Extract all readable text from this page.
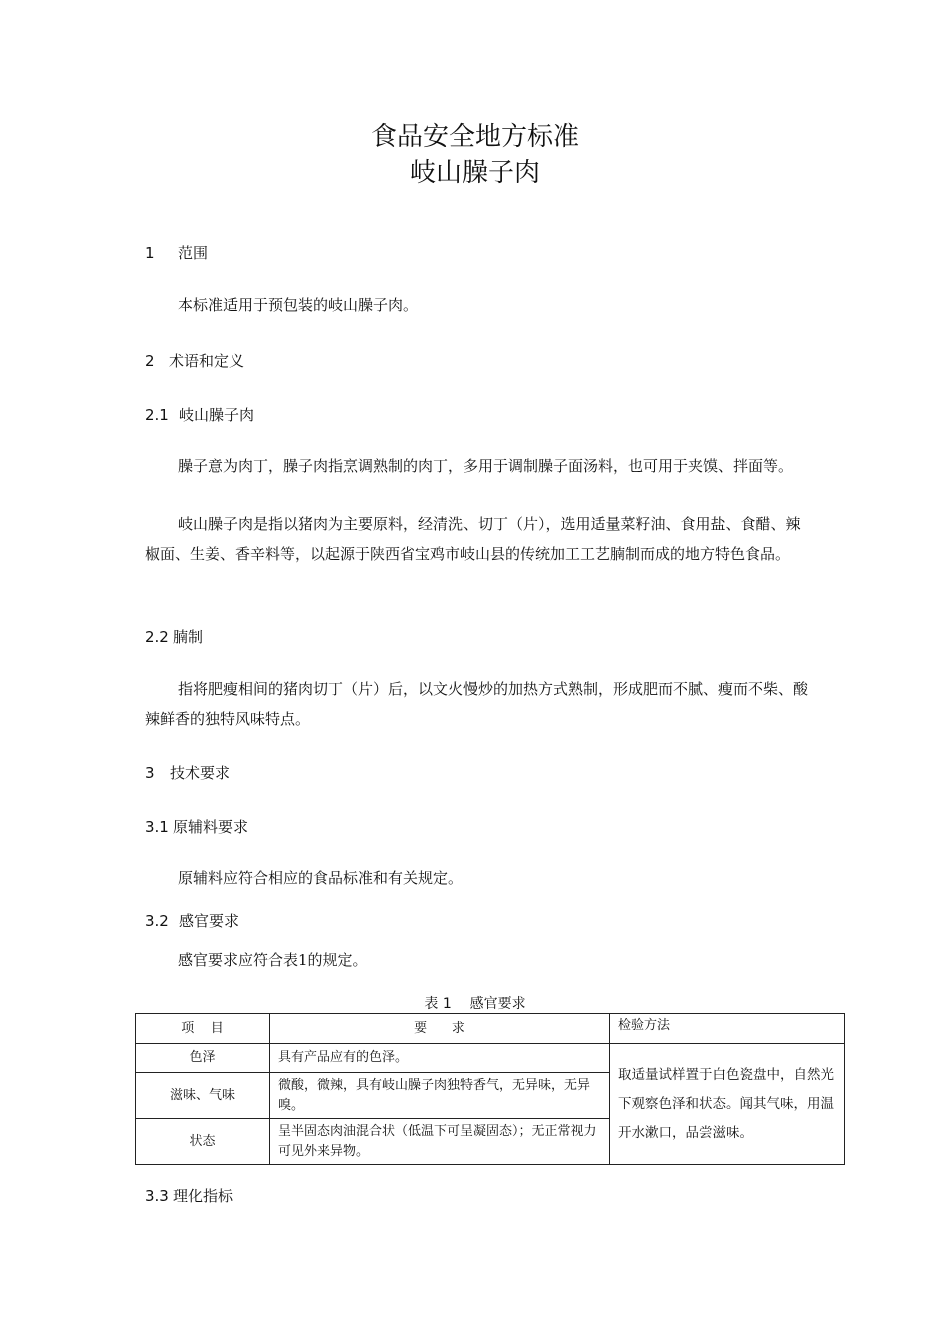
食品安全地方标准
岐山臊子肉
1 范围
本标准适用于预包装的岐山臊子肉。
2 术语和定义
2.1 岐山臊子肉
臊子意为肉丁，臊子肉指烹调熟制的肉丁，多用于调制臊子面汤料，也可用于夹馍、拌面等。
岐山臊子肉是指以猪肉为主要原料，经清洗、切丁（片），选用适量菜籽油、食用盐、食醋、辣椒面、生姜、香辛料等，以起源于陕西省宝鸡市岐山县的传统加工工艺腩制而成的地方特色食品。
2.2 腩制
指将肥瘦相间的猪肉切丁（片）后，以文火慢炒的加热方式熟制，形成肥而不腻、瘦而不柴、酸辣鲜香的独特风味特点。
3 技术要求
3.1 原辅料要求
原辅料应符合相应的食品标准和有关规定。
3.2 感官要求
感官要求应符合表1的规定。
表 1    感官要求
项    目	要      求	检验方法
色泽	具有产品应有的色泽。	取适量试样置于白色瓷盘中，自然光下观察色泽和状态。闻其气味，用温开水漱口，品尝滋味。
滋味、气味	微酸，微辣，具有岐山臊子肉独特香气，无异味，无异嗅。	
状态	呈半固态肉油混合状（低温下可呈凝固态）；无正常视力可见外来异物。	
3.3 理化指标
